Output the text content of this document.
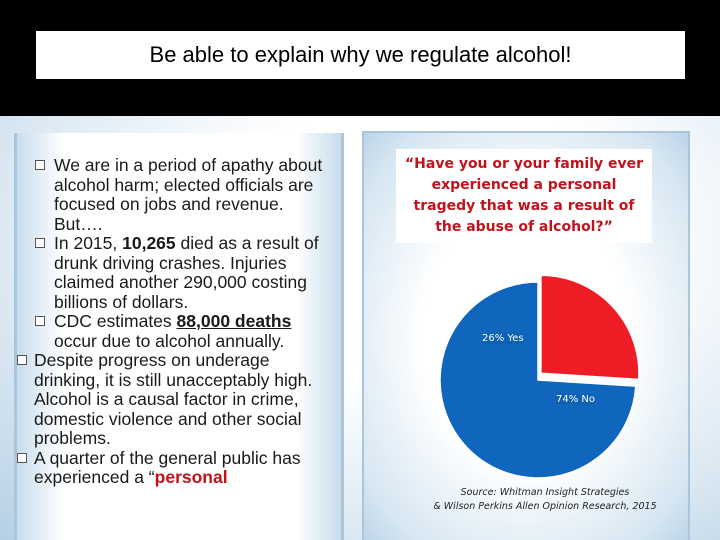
Be able to explain why we regulate alcohol!
We are in a period of apathy about alcohol harm; elected officials are focused on jobs and revenue. But….
In 2015, 10,265 died as a result of drunk driving crashes. Injuries claimed another 290,000 costing billions of dollars.
CDC estimates 88,000 deaths occur due to alcohol annually.
Despite progress on underage drinking, it is still unacceptably high. Alcohol is a causal factor in crime, domestic violence and other social problems.
A quarter of the general public has experienced a “personal
“Have you or your family ever experienced a personal tragedy that was a result of the abuse of alcohol?”
26% Yes
74% No
Source: Whitman Insight Strategies
& Wilson Perkins Allen Opinion Research, 2015
